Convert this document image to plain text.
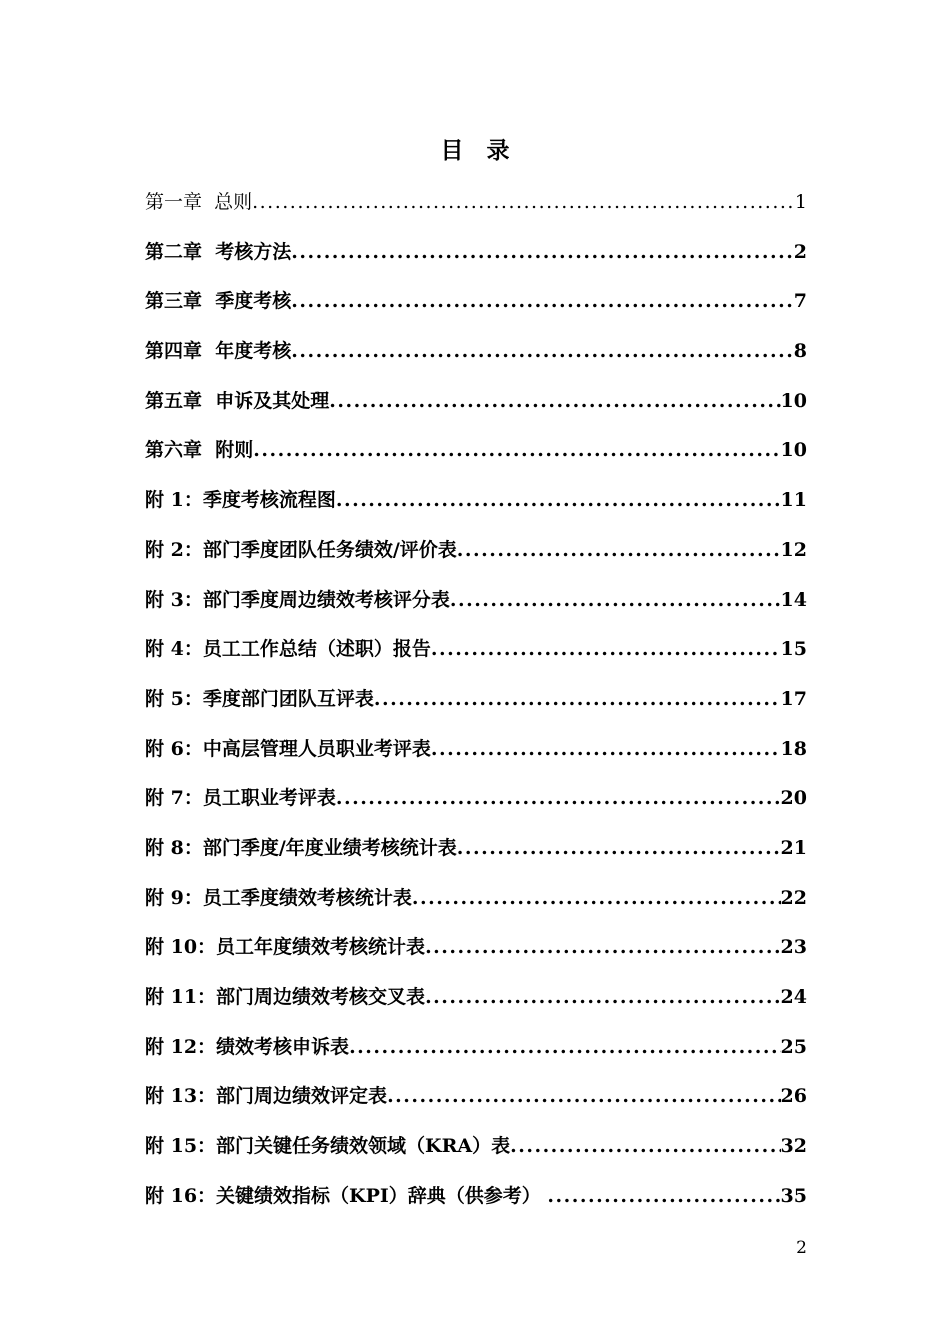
目　录
第一章  总则 .....	1
第二章  考核方法 .....	2
第三章  季度考核 .....	7
第四章  年度考核 .....	8
第五章  申诉及其处理 .....	10
第六章  附则 .....	10
附 1：季度考核流程图 .....	11
附 2：部门季度团队任务绩效/评价表 .....	12
附 3：部门季度周边绩效考核评分表 .....	14
附 4：员工工作总结（述职）报告 .....	15
附 5：季度部门团队互评表 .....	17
附 6：中高层管理人员职业考评表 .....	18
附 7：员工职业考评表 .....	20
附 8：部门季度/年度业绩考核统计表 .....	21
附 9：员工季度绩效考核统计表 .....	22
附 10：员工年度绩效考核统计表 .....	23
附 11：部门周边绩效考核交叉表 .....	24
附 12：绩效考核申诉表 .....	25
附 13：部门周边绩效评定表 .....	26
附 15：部门关键任务绩效领域（KRA）表 .....	32
附 16：关键绩效指标（KPI）辞典（供参考） .....	35
2
